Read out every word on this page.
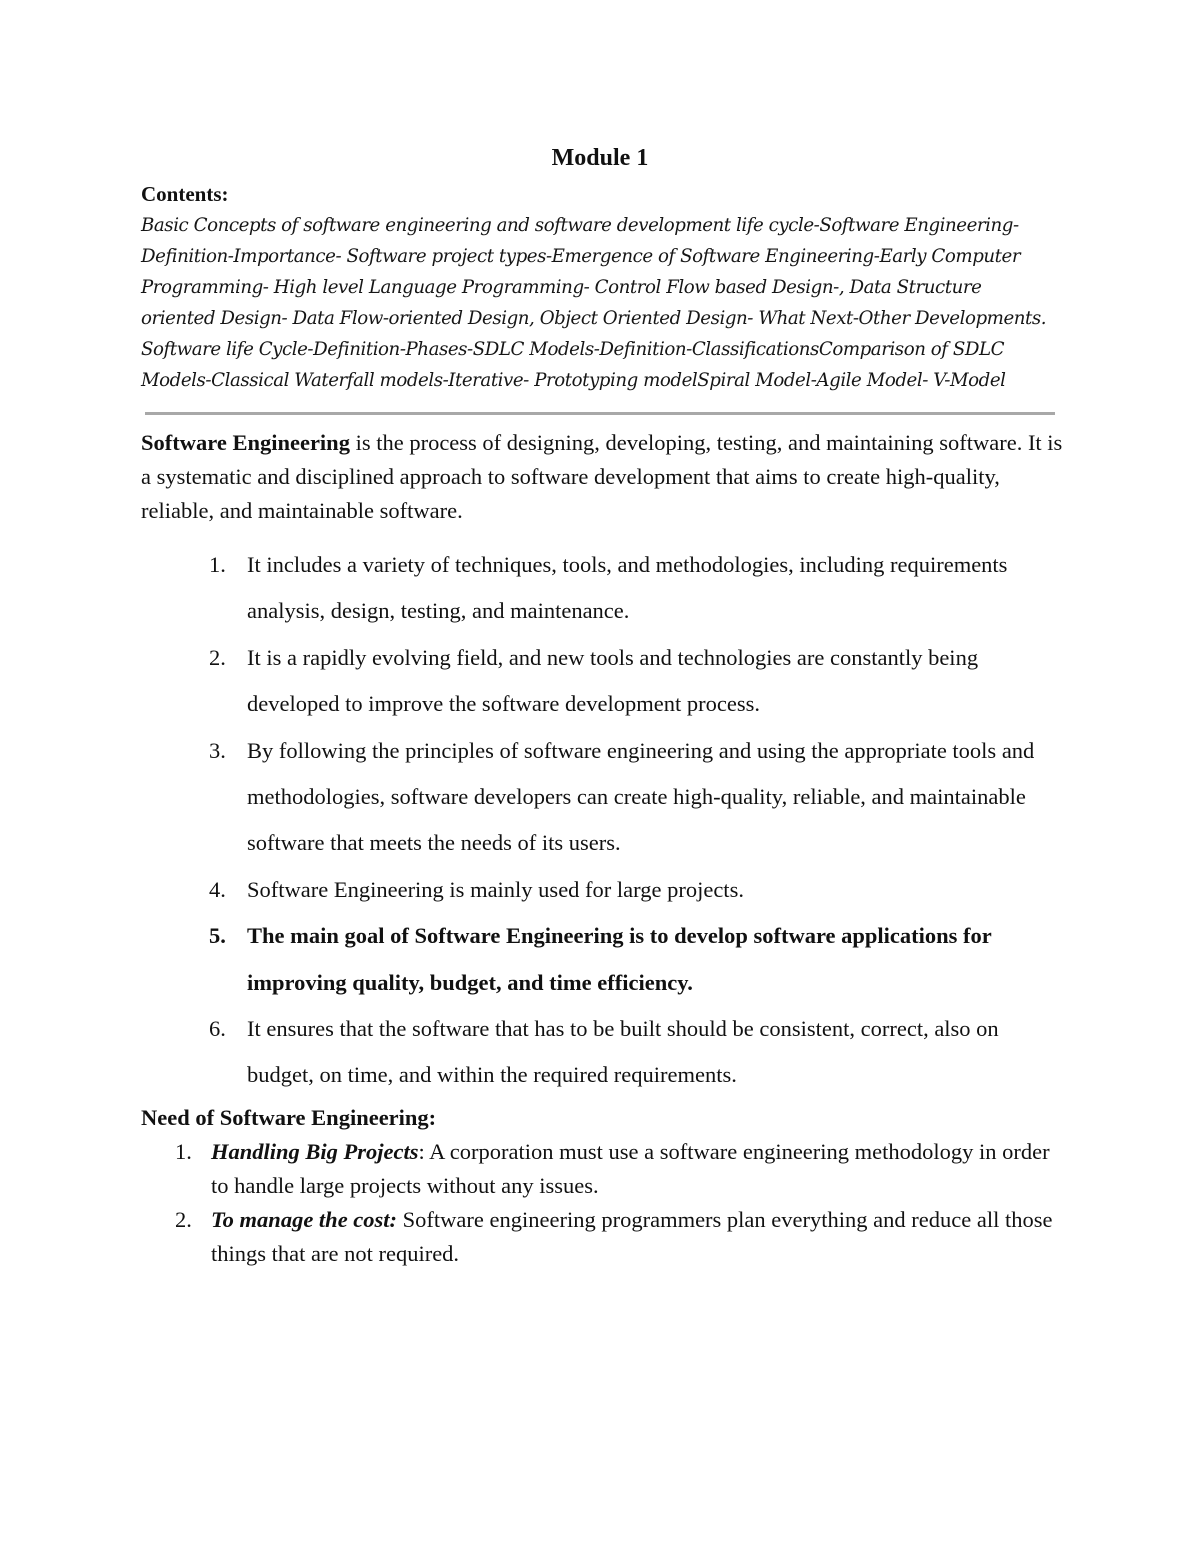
Module 1

Contents:

Basic Concepts of software engineering and software development life cycle-Software Engineering-Definition-Importance- Software project types-Emergence of Software Engineering-Early Computer Programming- High level Language Programming- Control Flow based Design-, Data Structure oriented Design- Data Flow-oriented Design, Object Oriented Design- What Next-Other Developments. Software life Cycle-Definition-Phases-SDLC Models-Definition-ClassificationsComparison of SDLC Models-Classical Waterfall models-Iterative- Prototyping modelSpiral Model-Agile Model- V-Model

Software Engineering is the process of designing, developing, testing, and maintaining software. It is a systematic and disciplined approach to software development that aims to create high-quality, reliable, and maintainable software.

1. It includes a variety of techniques, tools, and methodologies, including requirements analysis, design, testing, and maintenance.
2. It is a rapidly evolving field, and new tools and technologies are constantly being developed to improve the software development process.
3. By following the principles of software engineering and using the appropriate tools and methodologies, software developers can create high-quality, reliable, and maintainable software that meets the needs of its users.
4. Software Engineering is mainly used for large projects.
5. The main goal of Software Engineering is to develop software applications for improving quality, budget, and time efficiency.
6. It ensures that the software that has to be built should be consistent, correct, also on budget, on time, and within the required requirements.

Need of Software Engineering:

1. Handling Big Projects: A corporation must use a software engineering methodology in order to handle large projects without any issues.
2. To manage the cost: Software engineering programmers plan everything and reduce all those things that are not required.
